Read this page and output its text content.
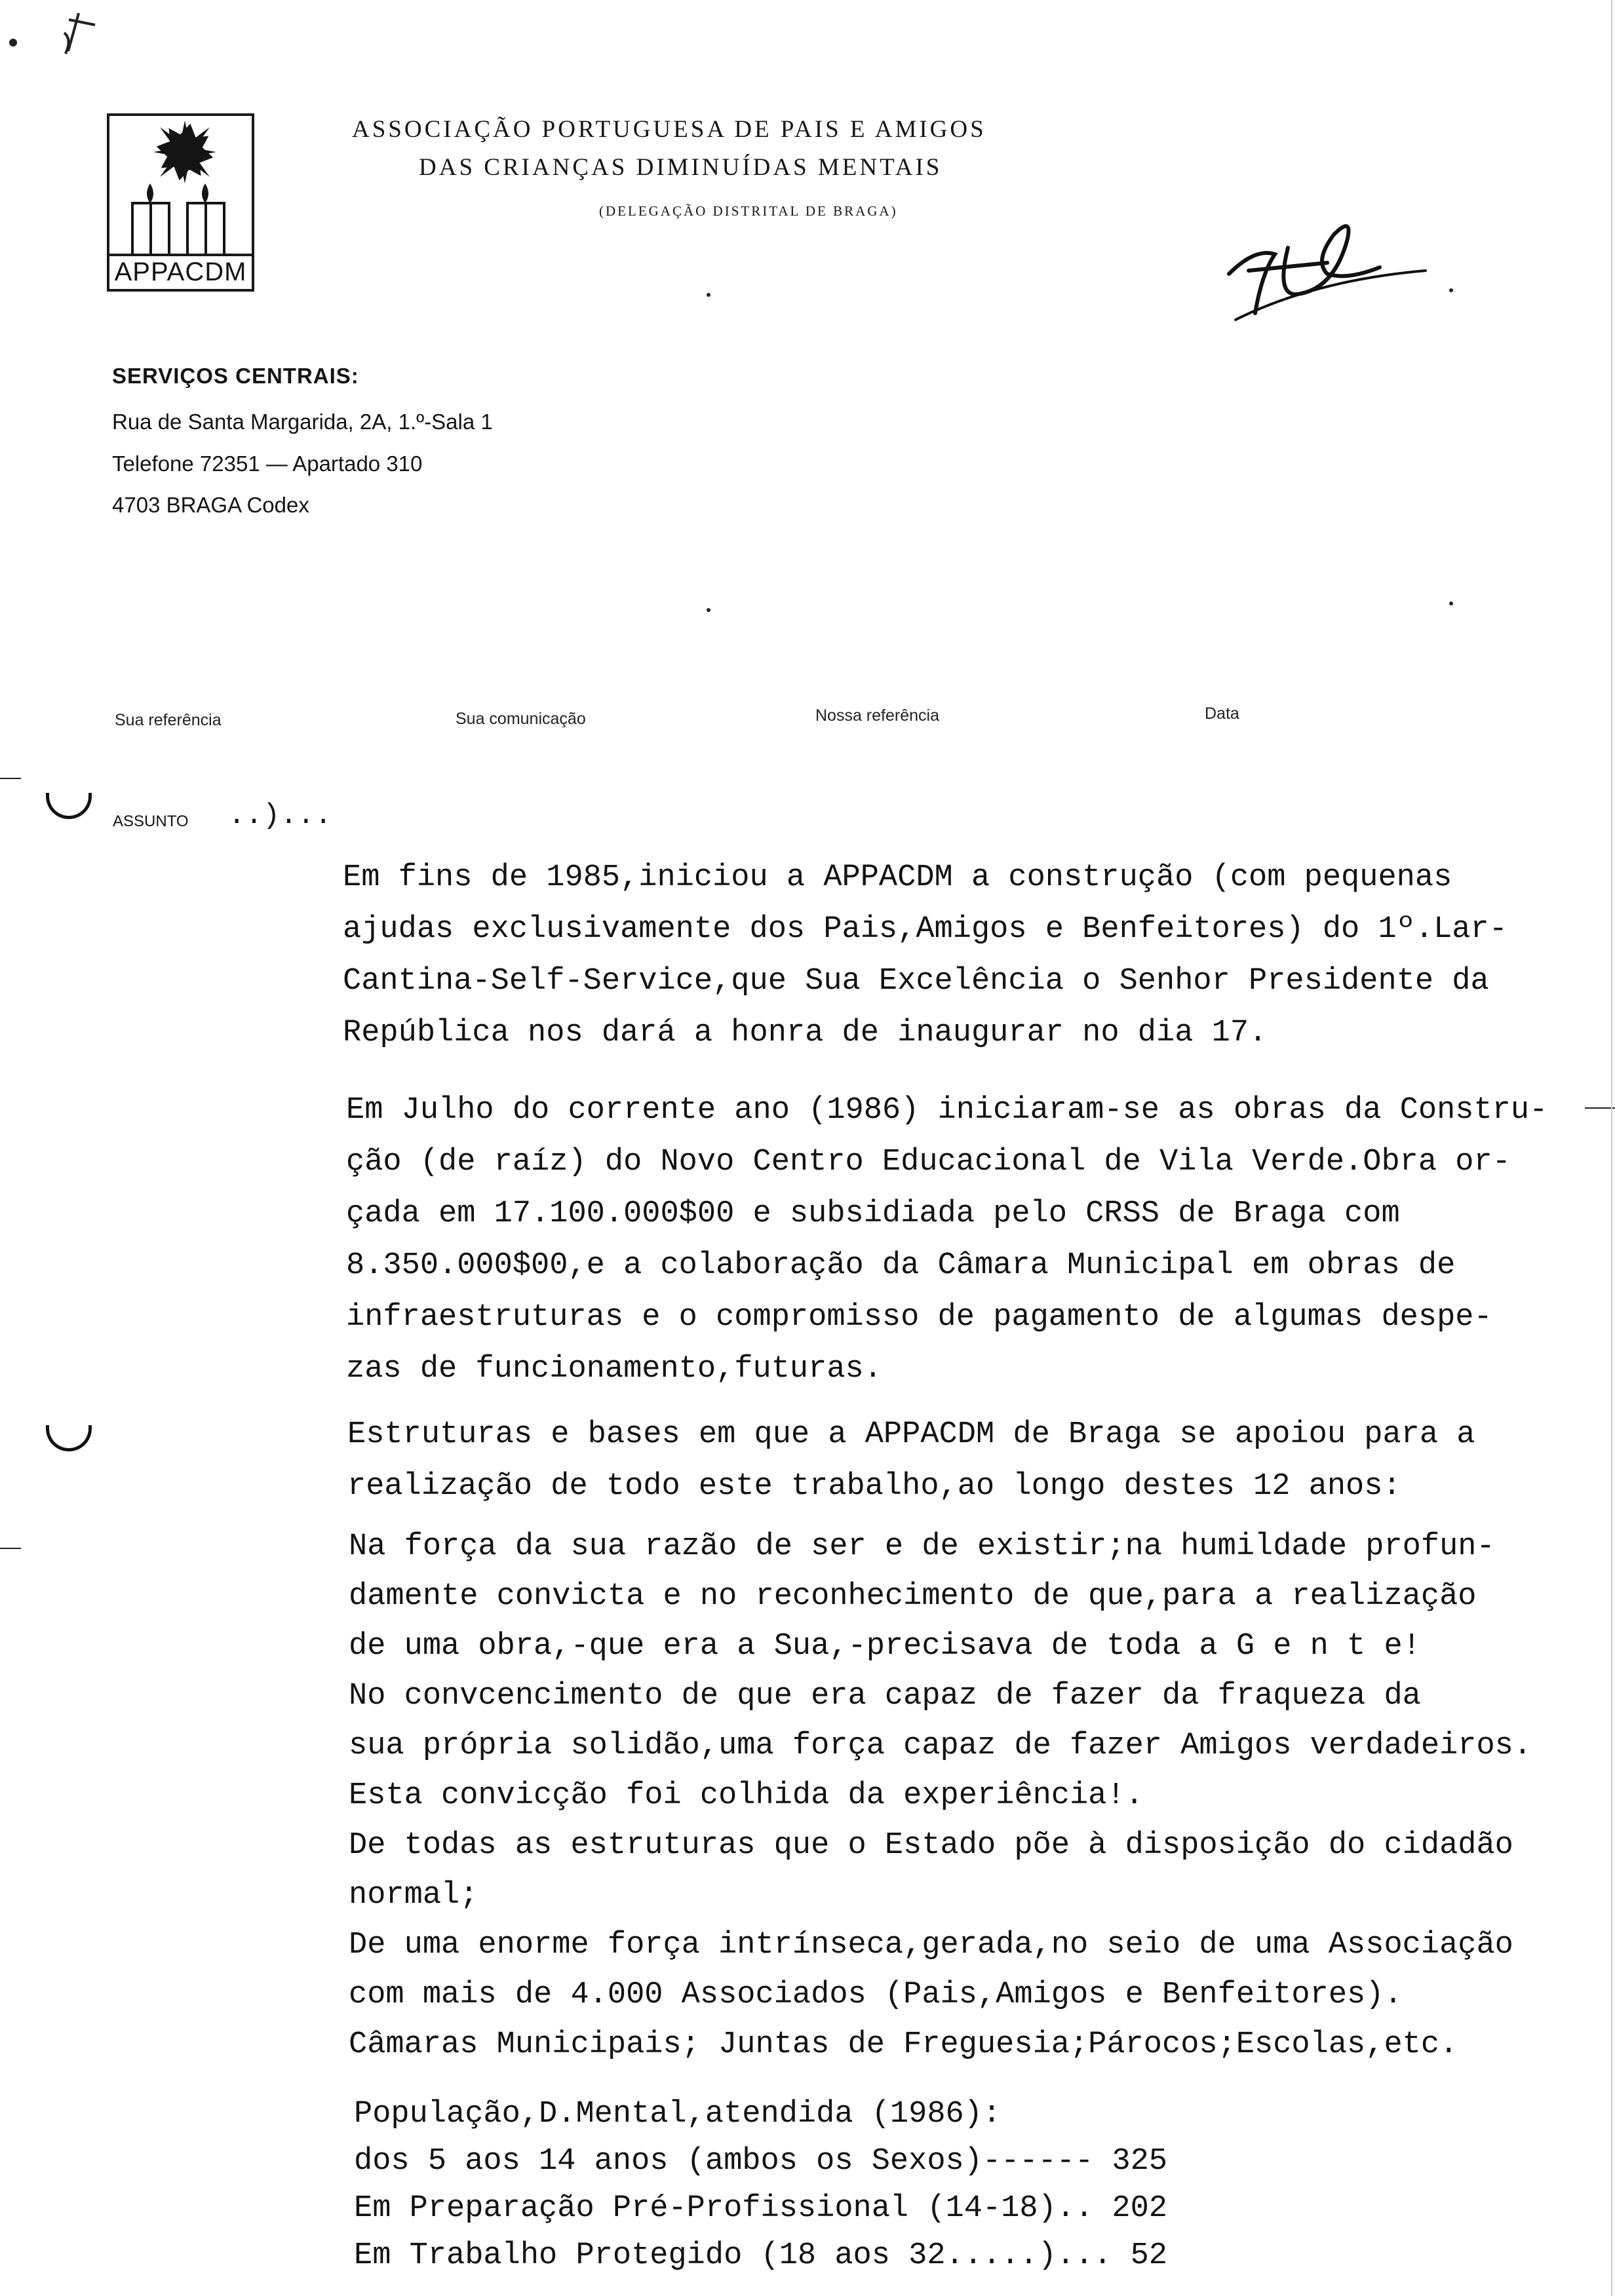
APPACDM
ASSOCIAÇÃO PORTUGUESA DE PAIS E AMIGOS
DAS CRIANÇAS DIMINUÍDAS MENTAIS
(DELEGAÇÃO DISTRITAL DE BRAGA)
SERVIÇOS CENTRAIS:
Rua de Santa Margarida, 2A, 1.º-Sala 1
Telefone 72351 — Apartado 310
4703 BRAGA Codex
Sua referência	Sua comunicação	Nossa referência	Data
ASSUNTO ..)...
Em fins de 1985,iniciou a APPACDM a construção (com pequenas
ajudas exclusivamente dos Pais,Amigos e Benfeitores) do 1º.Lar-
Cantina-Self-Service,que Sua Excelência o Senhor Presidente da
República nos dará a honra de inaugurar no dia 17.
Em Julho do corrente ano (1986) iniciaram-se as obras da Constru-
ção (de raíz) do Novo Centro Educacional de Vila Verde.Obra or-
çada em 17.100.000$00 e subsidiada pelo CRSS de Braga com
8.350.000$00,e a colaboração da Câmara Municipal em obras de
infraestruturas e o compromisso de pagamento de algumas despe-
zas de funcionamento,futuras.
Estruturas e bases em que a APPACDM de Braga se apoiou para a
realização de todo este trabalho,ao longo destes 12 anos:
Na força da sua razão de ser e de existir;na humildade profun-
damente convicta e no reconhecimento de que,para a realização
de uma obra,-que era a Sua,-precisava de toda a G e n t e!
No convcencimento de que era capaz de fazer da fraqueza da
sua própria solidão,uma força capaz de fazer Amigos verdadeiros.
Esta convicção foi colhida da experiência!.
De todas as estruturas que o Estado põe à disposição do cidadão
normal;
De uma enorme força intrínseca,gerada,no seio de uma Associação
com mais de 4.000 Associados (Pais,Amigos e Benfeitores).
Câmaras Municipais; Juntas de Freguesia;Párocos;Escolas,etc.
População,D.Mental,atendida (1986):
dos 5 aos 14 anos (ambos os Sexos)------ 325
Em Preparação Pré-Profissional (14-18).. 202
Em Trabalho Protegido (18 aos 32.....)... 52
